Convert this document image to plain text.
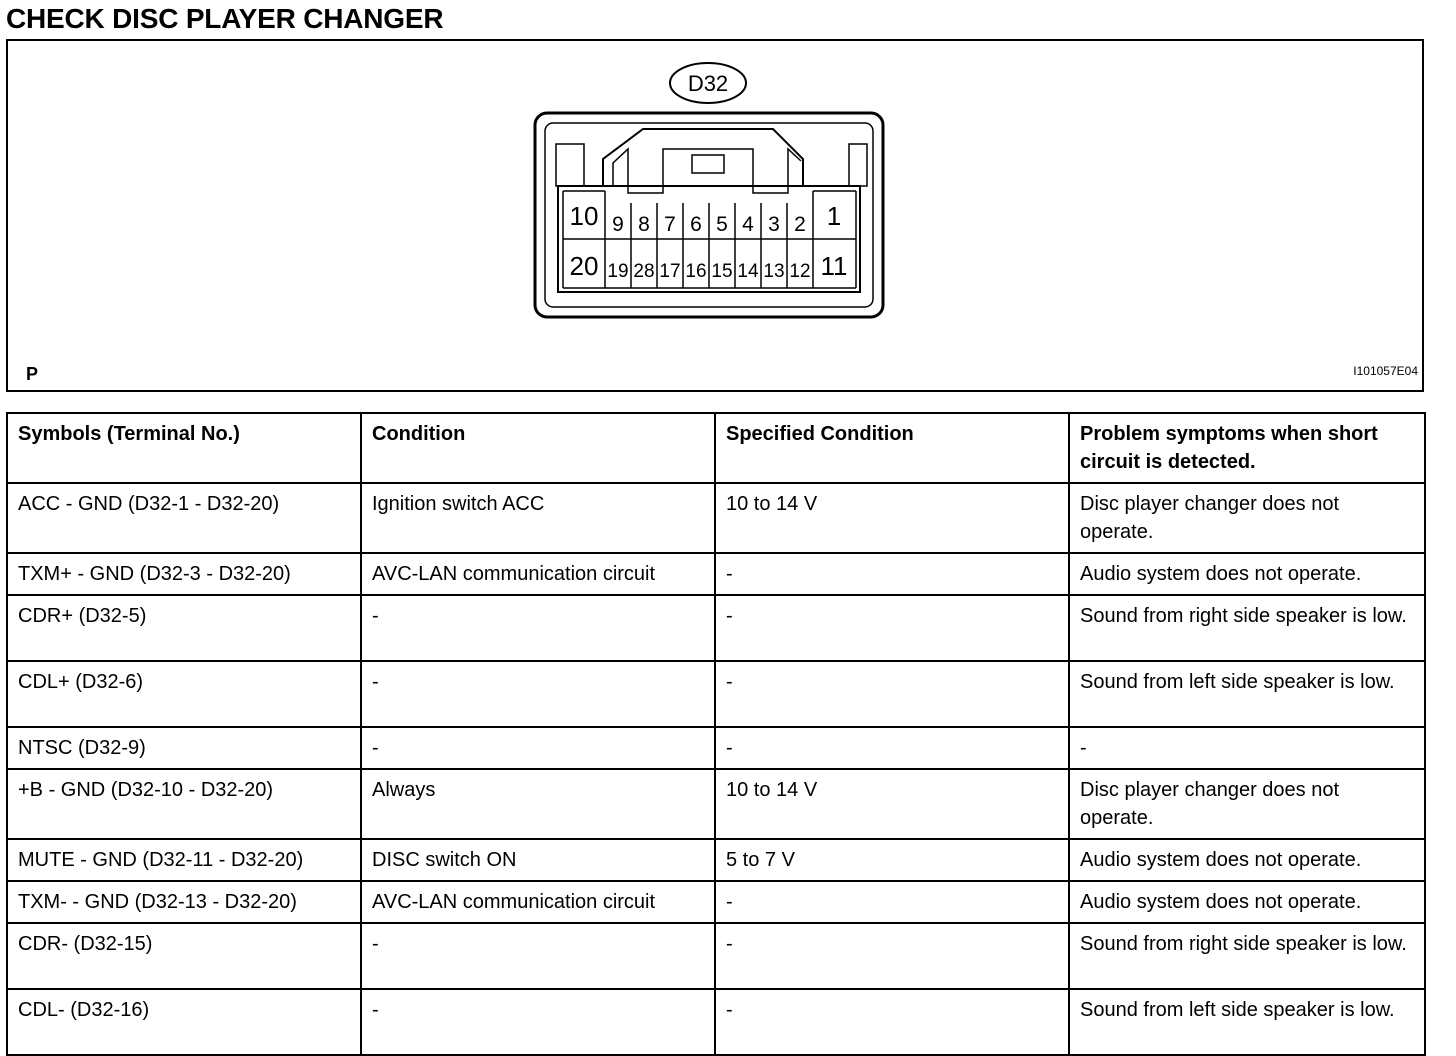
CHECK DISC PLAYER CHANGER
D32
10 9 8 7 6 5 4 3 2 1
20 19 28 17 16 15 14 13 12 11
P	I101057E04
Symbols (Terminal No.)	Condition	Specified Condition	Problem symptoms when short circuit is detected.
ACC - GND (D32-1 - D32-20)	Ignition switch ACC	10 to 14 V	Disc player changer does not operate.
TXM+ - GND (D32-3 - D32-20)	AVC-LAN communication circuit	-	Audio system does not operate.
CDR+ (D32-5)	-	-	Sound from right side speaker is low.
CDL+ (D32-6)	-	-	Sound from left side speaker is low.
NTSC (D32-9)	-	-	-
+B - GND (D32-10 - D32-20)	Always	10 to 14 V	Disc player changer does not operate.
MUTE - GND (D32-11 - D32-20)	DISC switch ON	5 to 7 V	Audio system does not operate.
TXM- - GND (D32-13 - D32-20)	AVC-LAN communication circuit	-	Audio system does not operate.
CDR- (D32-15)	-	-	Sound from right side speaker is low.
CDL- (D32-16)	-	-	Sound from left side speaker is low.
